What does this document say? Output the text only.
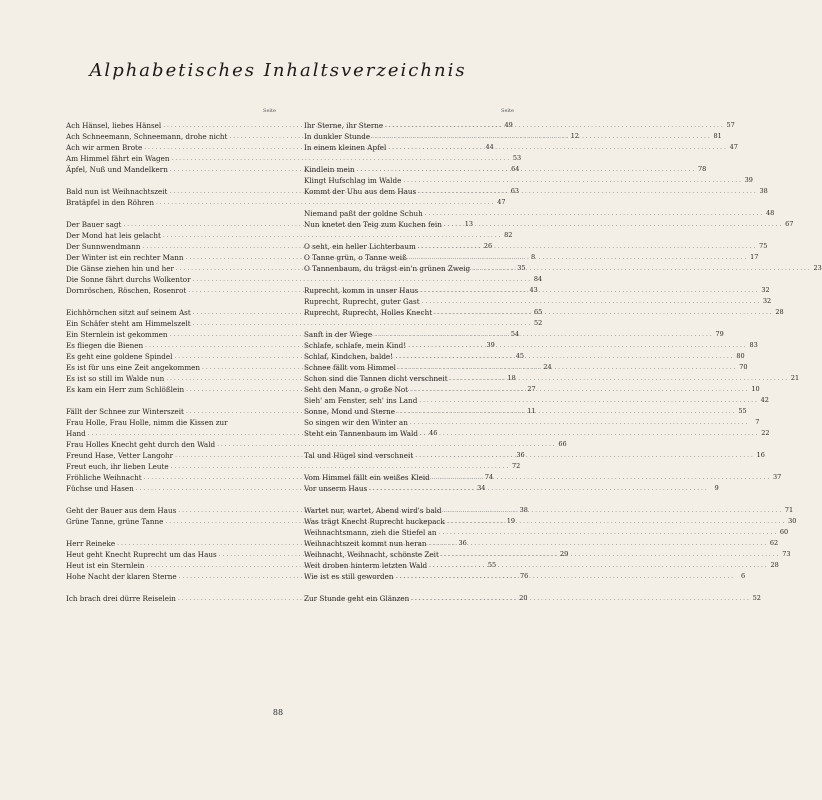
Alphabetisches Inhaltsverzeichnis
Seite
Ach Hänsel, liebes Hänsel . . .	49
Ach Schneemann, Schneemann, drohe nicht . . .	12
Ach wir armen Brote . . .	44
Am Himmel fährt ein Wagen . . .	53
Äpfel, Nuß und Mandelkern . . .	64
Bald nun ist Weihnachtszeit . . .	63
Bratäpfel in den Röhren . . .	47
Der Bauer sagt . . .	13
Der Mond hat leis gelacht . . .	82
Der Sunnwendmann . . .	26
Der Winter ist ein rechter Mann . . .	8
Die Gänse ziehen hin und her . . .	35
Die Sonne fährt durchs Wolkentor . . .	84
Dornröschen, Röschen, Rosenrot . . .	43
Eichhörnchen sitzt auf seinem Ast . . .	65
Ein Schäfer steht am Himmelszelt . . .	52
Ein Sternlein ist gekommen . . .	54
Es fliegen die Bienen . . .	39
Es geht eine goldene Spindel . . .	45
Es ist für uns eine Zeit angekommen . . .	24
Es ist so still im Walde nun . . .	18
Es kam ein Herr zum Schlößlein . . .	27
Fällt der Schnee zur Winterszeit . . .	11
Frau Holle, Frau Holle, nimm die Kissen zur
Hand . . .	46
Frau Holles Knecht geht durch den Wald . . .	66
Freund Hase, Vetter Langohr . . .	36
Freut euch, ihr lieben Leute . . .	72
Fröhliche Weihnacht . . .	74
Füchse und Hasen . . .	34
Geht der Bauer aus dem Haus . . .	38
Grüne Tanne, grüne Tanne . . .	19
Herr Reineke . . .	36
Heut geht Knecht Ruprecht um das Haus . . .	29
Heut ist ein Sternlein . . .	55
Hohe Nacht der klaren Sterne . . .	76
Ich brach drei dürre Reiselein . . .	20
Seite
Ihr Sterne, ihr Sterne . . .	57
In dunkler Stunde . . .	81
In einem kleinen Apfel . . .	47
Kindlein mein . . .	78
Klingt Hufschlag im Walde . . .	39
Kommt der Uhu aus dem Haus . . .	38
Niemand paßt der goldne Schuh . . .	48
Nun knetet den Teig zum Kuchen fein . . .	67
O seht, ein heller Lichterbaum . . .	75
O Tanne grün, o Tanne weiß . . .	17
O Tannenbaum, du trägst ein'n grünen Zweig . . .	23
Ruprecht, komm in unser Haus . . .	32
Ruprecht, Ruprecht, guter Gast . . .	32
Ruprecht, Ruprecht, Holles Knecht . . .	28
Sanft in der Wiege . . .	79
Schlafe, schlafe, mein Kind! . . .	83
Schlaf, Kindchen, balde! . . .	80
Schnee fällt vom Himmel . . .	70
Schon sind die Tannen dicht verschneit . . .	21
Seht den Mann, o große Not . . .	10
Sieh' am Fenster, seh' ins Land . . .	42
Sonne, Mond und Sterne . . .	55
So singen wir den Winter an . . .	7
Steht ein Tannenbaum im Wald . . .	22
Tal und Hügel sind verschneit . . .	16
Vom Himmel fällt ein weißes Kleid . . .	37
Vor unserm Haus . . .	9
Wartet nur, wartet, Abend wird's bald . . .	71
Was trägt Knecht Ruprecht huckepack . . .	30
Weihnachtsmann, zieh die Stiefel an . . .	60
Weihnachtszeit kommt nun heran . . .	62
Weihnacht, Weihnacht, schönste Zeit . . .	73
Weit droben hinterm letzten Wald . . .	28
Wie ist es still geworden . . .	6
Zur Stunde geht ein Glänzen . . .	52
88
